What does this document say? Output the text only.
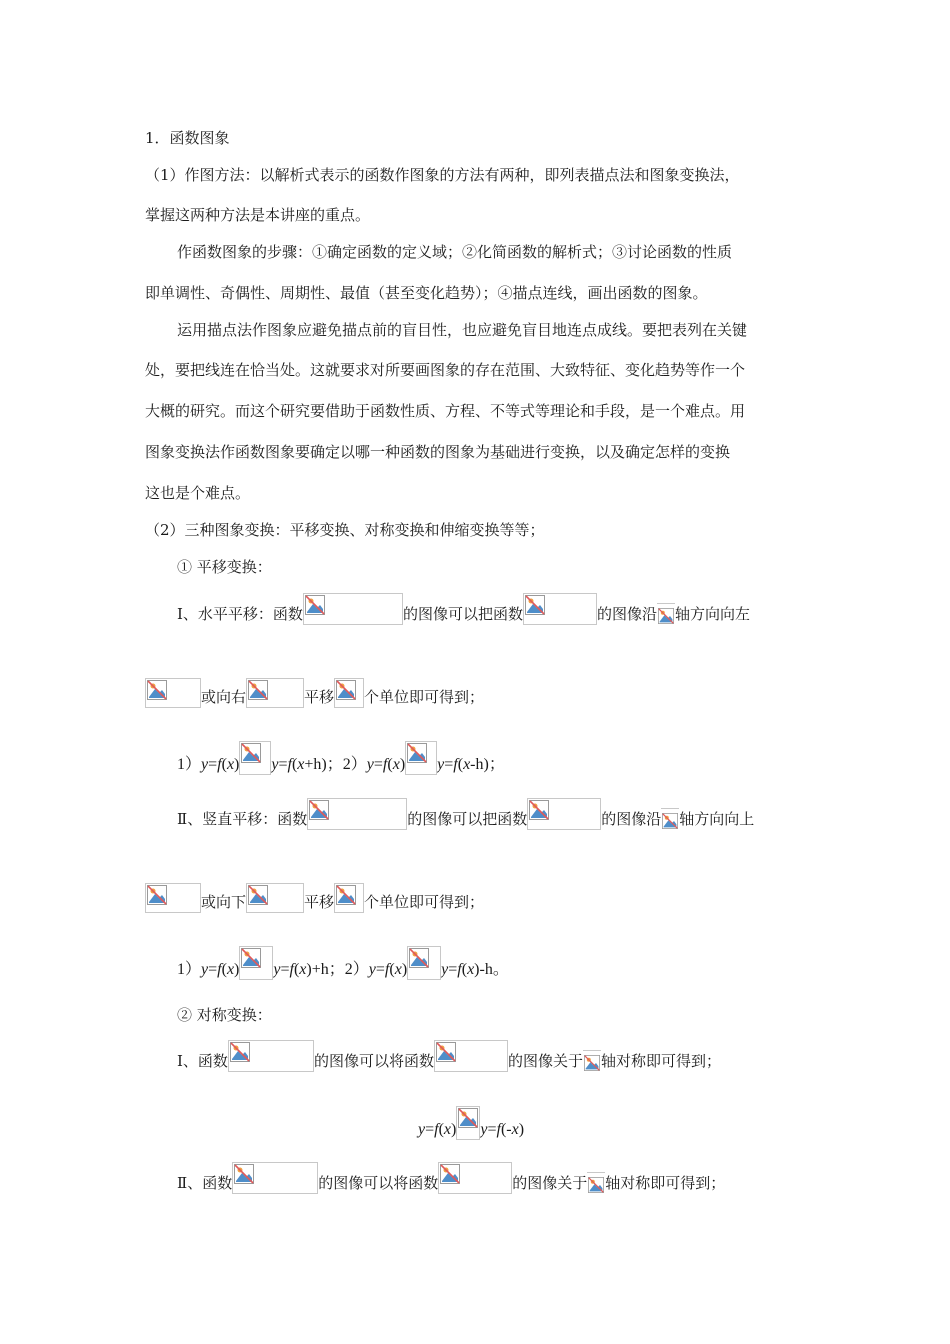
1．函数图象
（1）作图方法：以解析式表示的函数作图象的方法有两种，即列表描点法和图象变换法，
掌握这两种方法是本讲座的重点。
作函数图象的步骤：①确定函数的定义域；②化简函数的解析式；③讨论函数的性质
即单调性、奇偶性、周期性、最值（甚至变化趋势）；④描点连线，画出函数的图象。
运用描点法作图象应避免描点前的盲目性，也应避免盲目地连点成线。要把表列在关键
处，要把线连在恰当处。这就要求对所要画图象的存在范围、大致特征、变化趋势等作一个
大概的研究。而这个研究要借助于函数性质、方程、不等式等理论和手段，是一个难点。用
图象变换法作函数图象要确定以哪一种函数的图象为基础进行变换，以及确定怎样的变换
这也是个难点。
（2）三种图象变换：平移变换、对称变换和伸缩变换等等；
① 平移变换：
Ⅰ、水平平移：函数	的图像可以把函数	的图像沿 轴方向向左
或向右	平移 个单位即可得到；
1）y=f(x) y=f(x+h)；2）y=f(x) y=f(x-h)；
Ⅱ、竖直平移：函数	的图像可以把函数	的图像沿 轴方向向上
或向下	平移 个单位即可得到；
1）y=f(x) y=f(x)+h；2）y=f(x) y=f(x)-h。
② 对称变换：
Ⅰ、函数	的图像可以将函数	的图像关于 轴对称即可得到；
y=f(x) y=f(-x)
Ⅱ、函数	的图像可以将函数	的图像关于 轴对称即可得到；
